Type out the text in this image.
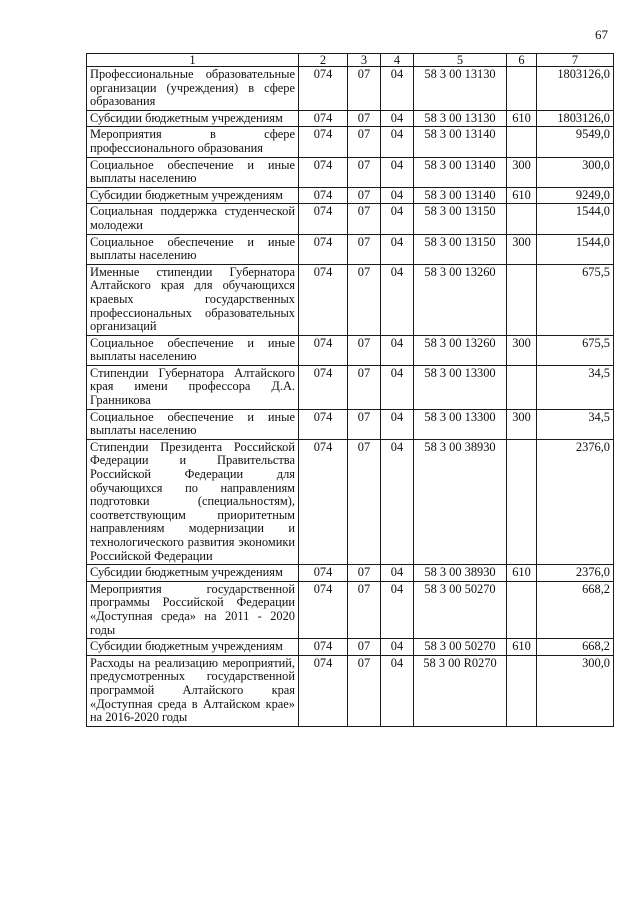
67
1	2	3	4	5	6	7
Профессиональные образовательные организации (учреждения) в сфере образования	074	07	04	58 3 00 13130		1803126,0
Субсидии бюджетным учреждениям	074	07	04	58 3 00 13130	610	1803126,0
Мероприятия в сфере профессионального образования	074	07	04	58 3 00 13140		9549,0
Социальное обеспечение и иные выплаты населению	074	07	04	58 3 00 13140	300	300,0
Субсидии бюджетным учреждениям	074	07	04	58 3 00 13140	610	9249,0
Социальная поддержка студенческой молодежи	074	07	04	58 3 00 13150		1544,0
Социальное обеспечение и иные выплаты населению	074	07	04	58 3 00 13150	300	1544,0
Именные стипендии Губернатора Алтайского края для обучающихся краевых государственных профессиональных образовательных организаций	074	07	04	58 3 00 13260		675,5
Социальное обеспечение и иные выплаты населению	074	07	04	58 3 00 13260	300	675,5
Стипендии Губернатора Алтайского края имени профессора Д.А. Гранникова	074	07	04	58 3 00 13300		34,5
Социальное обеспечение и иные выплаты населению	074	07	04	58 3 00 13300	300	34,5
Стипендии Президента Российской Федерации и Правительства Российской Федерации для обучающихся по направлениям подготовки (специальностям), соответствующим приоритетным направлениям модернизации и технологического развития экономики Российской Федерации	074	07	04	58 3 00 38930		2376,0
Субсидии бюджетным учреждениям	074	07	04	58 3 00 38930	610	2376,0
Мероприятия государственной программы Российской Федерации «Доступная среда» на 2011 - 2020 годы	074	07	04	58 3 00 50270		668,2
Субсидии бюджетным учреждениям	074	07	04	58 3 00 50270	610	668,2
Расходы на реализацию мероприятий, предусмотренных государственной программой Алтайского края «Доступная среда в Алтайском крае» на 2016-2020 годы	074	07	04	58 3 00 R0270		300,0
